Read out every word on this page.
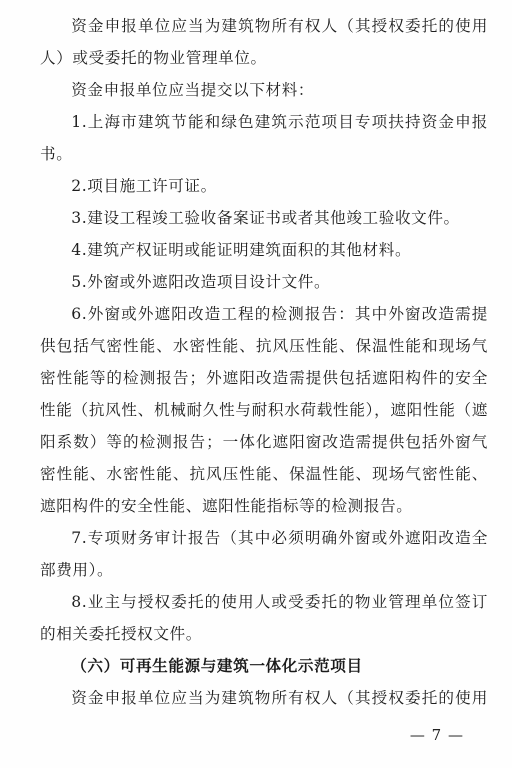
资金申报单位应当为建筑物所有权人（其授权委托的使用人）或受委托的物业管理单位。

资金申报单位应当提交以下材料：

1.上海市建筑节能和绿色建筑示范项目专项扶持资金申报书。

2.项目施工许可证。

3.建设工程竣工验收备案证书或者其他竣工验收文件。

4.建筑产权证明或能证明建筑面积的其他材料。

5.外窗或外遮阳改造项目设计文件。

6.外窗或外遮阳改造工程的检测报告：其中外窗改造需提供包括气密性能、水密性能、抗风压性能、保温性能和现场气密性能等的检测报告；外遮阳改造需提供包括遮阳构件的安全性能（抗风性、机械耐久性与耐积水荷载性能），遮阳性能（遮阳系数）等的检测报告；一体化遮阳窗改造需提供包括外窗气密性能、水密性能、抗风压性能、保温性能、现场气密性能、遮阳构件的安全性能、遮阳性能指标等的检测报告。

7.专项财务审计报告（其中必须明确外窗或外遮阳改造全部费用）。

8.业主与授权委托的使用人或受委托的物业管理单位签订的相关委托授权文件。

（六）可再生能源与建筑一体化示范项目

资金申报单位应当为建筑物所有权人（其授权委托的使用

— 7 —
